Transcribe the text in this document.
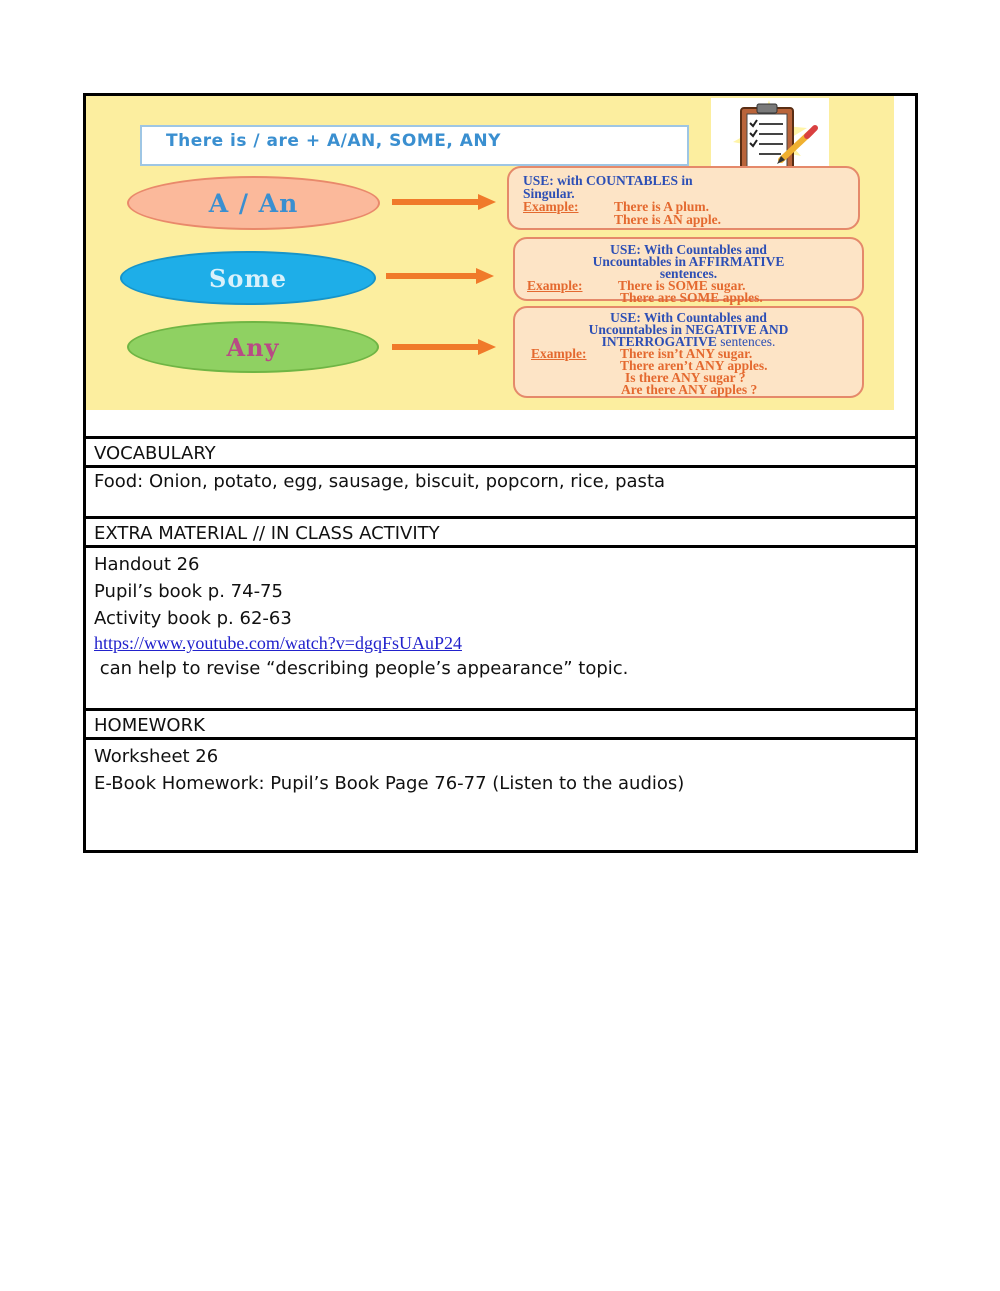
There is / are + A/AN, SOME, ANY
A / An
USE: with COUNTABLES in
Singular.
Example:	There is A plum.
There is AN apple.
Some
USE: With Countables and
Uncountables in AFFIRMATIVE
sentences.
Example:	There is SOME sugar.
There are SOME apples.
Any
USE: With Countables and
Uncountables in NEGATIVE AND
INTERROGATIVE sentences.
Example: There isn’t ANY sugar.
There aren’t ANY apples.
Is there ANY sugar ?
Are there ANY apples ?
VOCABULARY

Food: Onion, potato, egg, sausage, biscuit, popcorn, rice, pasta

EXTRA MATERIAL // IN CLASS ACTIVITY

Handout 26

Pupil’s book p. 74-75

Activity book p. 62-63

https://www.youtube.com/watch?v=dgqFsUAuP24

can help to revise “describing people’s appearance” topic.

HOMEWORK

Worksheet 26

E-Book Homework: Pupil’s Book Page 76-77 (Listen to the audios)
